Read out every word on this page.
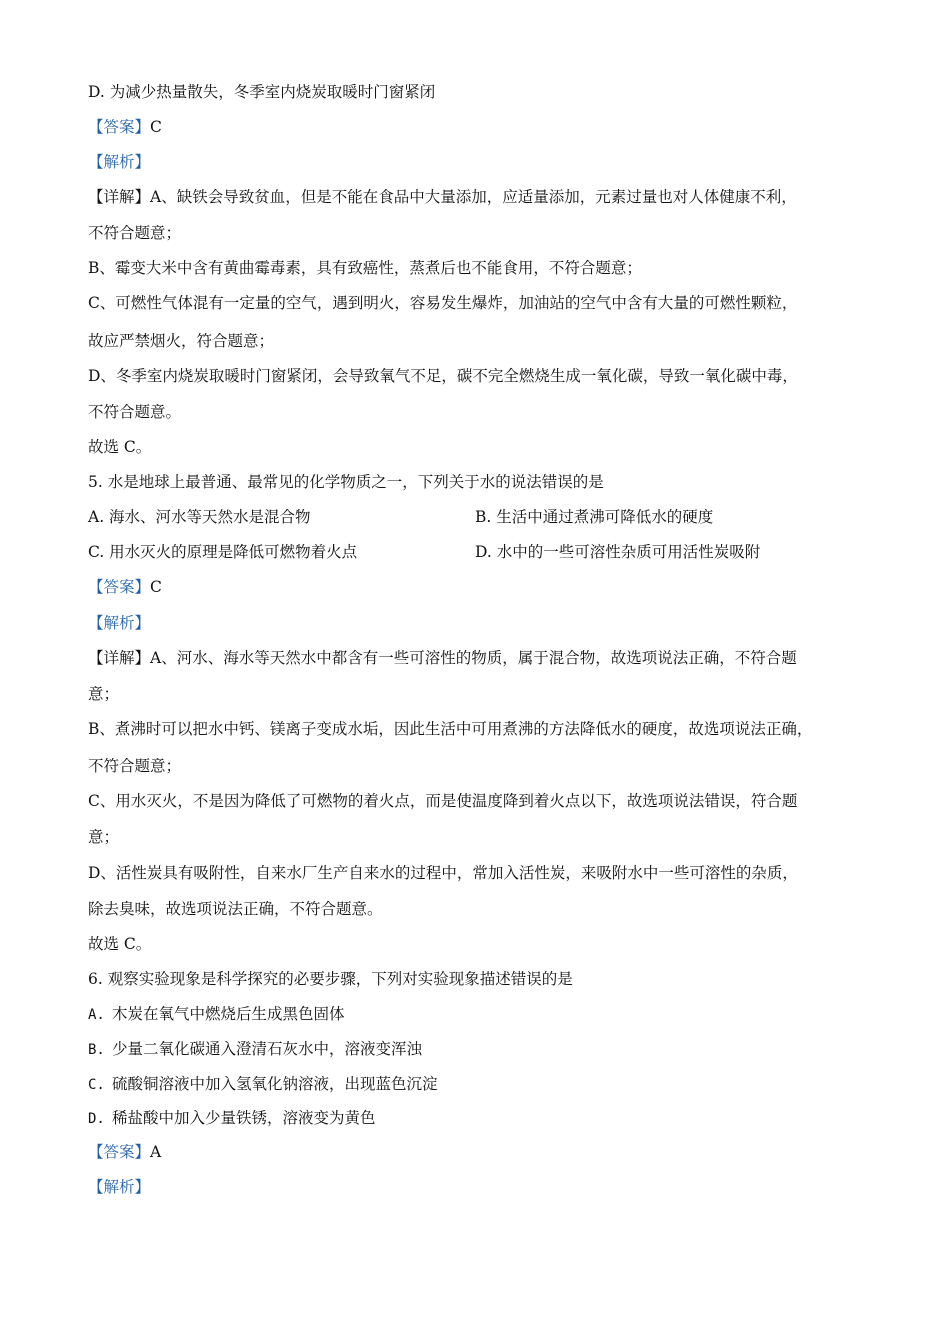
D. 为减少热量散失，冬季室内烧炭取暖时门窗紧闭
【答案】C
【解析】
【详解】A、缺铁会导致贫血，但是不能在食品中大量添加，应适量添加，元素过量也对人体健康不利，
不符合题意；
B、霉变大米中含有黄曲霉毒素，具有致癌性，蒸煮后也不能食用，不符合题意；
C、可燃性气体混有一定量的空气，遇到明火，容易发生爆炸，加油站的空气中含有大量的可燃性颗粒，
故应严禁烟火，符合题意；
D、冬季室内烧炭取暖时门窗紧闭，会导致氧气不足，碳不完全燃烧生成一氧化碳，导致一氧化碳中毒，
不符合题意。
故选 C。
5. 水是地球上最普通、最常见的化学物质之一，下列关于水的说法错误的是
A. 海水、河水等天然水是混合物	B. 生活中通过煮沸可降低水的硬度
C. 用水灭火的原理是降低可燃物着火点	D. 水中的一些可溶性杂质可用活性炭吸附
【答案】C
【解析】
【详解】A、河水、海水等天然水中都含有一些可溶性的物质，属于混合物，故选项说法正确，不符合题
意；
B、煮沸时可以把水中钙、镁离子变成水垢，因此生活中可用煮沸的方法降低水的硬度，故选项说法正确，
不符合题意；
C、用水灭火，不是因为降低了可燃物的着火点，而是使温度降到着火点以下，故选项说法错误，符合题
意；
D、活性炭具有吸附性，自来水厂生产自来水的过程中，常加入活性炭，来吸附水中一些可溶性的杂质，
除去臭味，故选项说法正确，不符合题意。
故选 C。
6. 观察实验现象是科学探究的必要步骤，下列对实验现象描述错误的是
A. 木炭在氧气中燃烧后生成黑色固体
B. 少量二氧化碳通入澄清石灰水中，溶液变浑浊
C. 硫酸铜溶液中加入氢氧化钠溶液，出现蓝色沉淀
D. 稀盐酸中加入少量铁锈，溶液变为黄色
【答案】A
【解析】
